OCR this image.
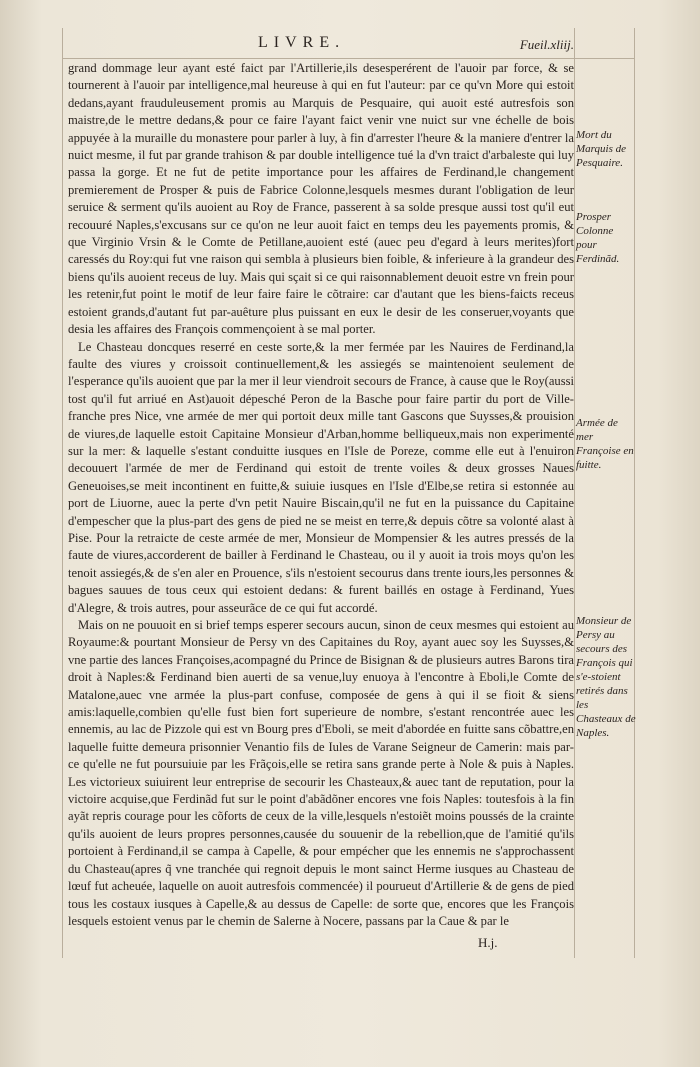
LIVRE.	Fueil.xliij.

grand dommage leur ayant esté faict par l'Artillerie,ils desesperérent de l'auoir par force, & se tournerent à l'auoir par intelligence,mal heureuse à qui en fut l'auteur: par ce qu'vn More qui estoit dedans,ayant frauduleusement promis au Marquis de Pesquaire, qui auoit esté autresfois son maistre,de le mettre dedans,& pour ce faire l'ayant faict venir vne nuict sur vne échelle de bois appuyée à la muraille du monastere pour parler à luy, à fin d'arrester l'heure & la maniere d'entrer la nuict mesme, il fut par grande trahison & par double intelligence tué la d'vn traict d'arbaleste qui luy passa la gorge. Et ne fut de petite importance pour les affaires de Ferdinand,le changement premierement de Prosper & puis de Fabrice Colonne,lesquels mesmes durant l'obligation de leur seruice & serment qu'ils auoient au Roy de France, passerent à sa solde presque aussi tost qu'il eut recouuré Naples,s'excusans sur ce qu'on ne leur auoit faict en temps deu les payements promis, & que Virginio Vrsin & le Comte de Petillane,auoient esté (auec peu d'egard à leurs merites)fort caressés du Roy:qui fut vne raison qui sembla à plusieurs bien foible, & inferieure à la grandeur des biens qu'ils auoient receus de luy. Mais qui sçait si ce qui raisonnablement deuoit estre vn frein pour les retenir,fut point le motif de leur faire faire le cõtraire: car d'autant que les biens-faicts receus estoient grands,d'autant fut par-auêture plus puissant en eux le desir de les conseruer,voyants que desia les affaires des François commençoient à se mal porter.

Le Chasteau doncques reserré en ceste sorte,& la mer fermée par les Nauires de Ferdinand,la faulte des viures y croissoit continuellement,& les assiegés se maintenoient seulement de l'esperance qu'ils auoient que par la mer il leur viendroit secours de France, à cause que le Roy(aussi tost qu'il fut arriué en Ast)auoit dépesché Peron de la Basche pour faire partir du port de Ville-franche pres Nice, vne armée de mer qui portoit deux mille tant Gascons que Suysses,& prouision de viures,de laquelle estoit Capitaine Monsieur d'Arban,homme belliqueux,mais non experimenté sur la mer: & laquelle s'estant conduitte iusques en l'Isle de Poreze, comme elle eut à l'enuiron decouuert l'armée de mer de Ferdinand qui estoit de trente voiles & deux grosses Naues Geneuoises,se meit incontinent en fuitte,& suiuie iusques en l'Isle d'Elbe,se retira si estonnée au port de Liuorne, auec la perte d'vn petit Nauire Biscain,qu'il ne fut en la puissance du Capitaine d'empescher que la plus-part des gens de pied ne se meist en terre,& depuis cõtre sa volonté alast à Pise. Pour la retraicte de ceste armée de mer, Monsieur de Mompensier & les autres pressés de la faute de viures,accorderent de bailler à Ferdinand le Chasteau, ou il y auoit ia trois moys qu'on les tenoit assiegés,& de s'en aler en Prouence, s'ils n'estoient secourus dans trente iours,les personnes & bagues sauues de tous ceux qui estoient dedans: & furent baillés en ostage à Ferdinand, Yues d'Alegre, & trois autres, pour asseurãce de ce qui fut accordé.

Mais on ne pouuoit en si brief temps esperer secours aucun, sinon de ceux mesmes qui estoient au Royaume:& pourtant Monsieur de Persy vn des Capitaines du Roy, ayant auec soy les Suysses,& vne partie des lances Françoises,acompagné du Prince de Bisignan & de plusieurs autres Barons tira droit à Naples:& Ferdinand bien auerti de sa venue,luy enuoya à l'encontre à Eboli,le Comte de Matalone,auec vne armée la plus-part confuse, composée de gens à qui il se fioit & siens amis:laquelle,combien qu'elle fust bien fort superieure de nombre, s'estant rencontrée auec les ennemis, au lac de Pizzole qui est vn Bourg pres d'Eboli, se meit d'abordée en fuitte sans cõbattre,en laquelle fuitte demeura prisonnier Venantio fils de Iules de Varane Seigneur de Camerin: mais par-ce qu'elle ne fut poursuiuie par les Frãçois,elle se retira sans grande perte à Nole & puis à Naples. Les victorieux suiuirent leur entreprise de secourir les Chasteaux,& auec tant de reputation, pour la victoire acquise,que Ferdinãd fut sur le point d'abãdõner encores vne fois Naples: toutesfois à la fin ayãt repris courage pour les cõforts de ceux de la ville,lesquels n'estoiẽt moins poussés de la crainte qu'ils auoient de leurs propres personnes,causée du souuenir de la rebellion,que de l'amitié qu'ils portoient à Ferdinand,il se campa à Capelle, & pour empécher que les ennemis ne s'approchassent du Chasteau(apres q̃ vne tranchée qui regnoit depuis le mont sainct Herme iusques au Chasteau de lœuf fut acheuée, laquelle on auoit autresfois commencée) il pourueut d'Artillerie & de gens de pied tous les costaux iusques à Capelle,& au dessus de Capelle: de sorte que, encores que les François lesquels estoient venus par le chemin de Salerne à Nocere, passans par la Caue & par le

Mort du Marquis de Pesquaire.
Prosper Colonne pour Ferdinãd.
Armée de mer Françoise en fuitte.
Monsieur de Persy au secours des François qui s'e-stoient retirés dans les Chasteaux de Naples.
H.j.
